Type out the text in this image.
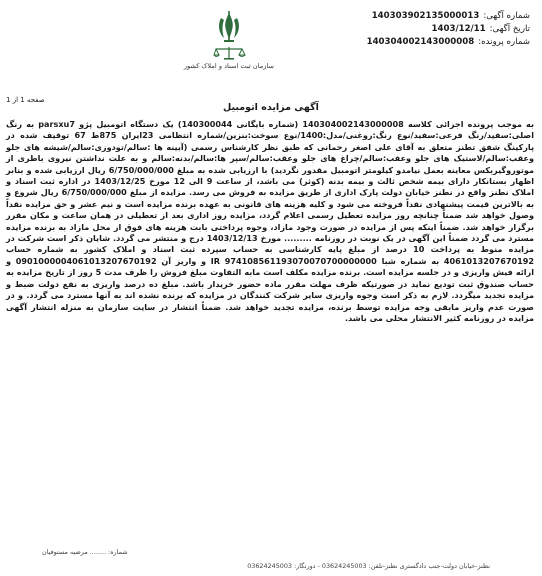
شماره آگهی:
140303902135000013
تاریخ آگهی:
1403/12/11
شماره پرونده:
140304002143000008
سازمان ثبت اسناد و املاک کشور
صفحه 1 از 1
آگهی مزایده اتومبیل
به موجب پرونده اجرائی کلاسه 140304002143000008 (شماره بایگانی 140300044) یک دستگاه اتومبیل پژو parsxu7 به رنگ اصلی:سفید/رنگ فرعی:سفید/نوع رنگ:روغنی/مدل:1400/نوع سوخت:بنزین/شماره انتظامی 23ایران 875ط 67 توقیف شده در پارکینگ شفق تطنز متعلق به آقای علی اصغر رحمانی که طبق نظر کارشناس رسمی (آیینه ها :سالم/تودوزی:سالم/شیشه های جلو وعقب:سالم/لاستیک های جلو وعقب:سالم/چراغ های جلو وعقب:سالم/سپر ها:سالم/بدنه:سالم و به علت نداشتن نیروی باطری از موتوروگیربکس معاینه بعمل نیامدو کیلومتر اتومبیل مقدور نگردید) با ارزیابی شده به مبلغ 6/750/000/000 ریال ارزیابی شده و بنابر اظهار بستانکار دارای بیمه شخص ثالث و بیمه بدنه (کوثر) می باشد، از ساعت 9 الی 12 مورخ 1403/12/25 در اداره ثبت اسناد و املاک نطنز واقع در نطنز خیابان دولت پارک اداری از طریق مزایده به فروش می رسد. مزایده از مبلغ 6/750/000/000 ریال شروع و به بالاترین قیمت پیشنهادی نقداً فروخته می شود و کلیه هزینه های قانونی به عهده برنده مزایده است و نیم عشر و حق مزایده نقداً وصول خواهد شد ضمناً چنانچه روز مزایده تعطیل رسمی اعلام گردد، مزایده روز اداری بعد از تعطیلی در همان ساعت و مکان مقرر برگزار خواهد شد. ضمناً اینکه پس از مزایده در صورت وجود مازاد، وجوه پرداختی بابت هزینه های فوق از محل مازاد به برنده مزایده مسترد می گردد ضمناً این آگهی در یک نوبت در روزنامه ......... مورخ 1403/12/13 درج و منتشر می گردد. شایان ذکر است شرکت در مزایده منوط به پرداخت 10 درصد از مبلغ پایه کارشناسی به حساب سپرده ثبت اسناد و املاک کشور به شماره حساب 4061013207670192 به شماره شبا IR 974108561193070070700000000 و واریز آن 0901000004061013207670192 و ارائه فیش واریزی و در جلسه مزایده است. برنده مزایده مکلف است مابه التفاوت مبلغ فروش را ظرف مدت 5 روز از تاریخ مزایده به حساب صندوق ثبت تودیع نماید در صورتیکه ظرف مهلت مقرر ماده حضور خریدار باشد. مبلغ ده درصد واریزی به نفع دولت ضبط و مزایده تجدید میگردد. لازم به ذکر است وجوه واریزی سایر شرکت کنندگان در مزایده که برنده نشده اند به آنها مسترد می گردد. و در صورت عدم واریز مابقی وجه مزایده توسط برنده، مزایده تجدید خواهد شد. ضمناً انتشار در سایت سازمان به منزله انتشار آگهی مزایده در روزنامه کثیر الانتشار محلی می باشد.
شماره: ........ مرضیه مستوفیان
نطنز-خیابان دولت-جنب دادگستری نطنز-تلفن: 03624245003 - دورنگار: 03624245003
